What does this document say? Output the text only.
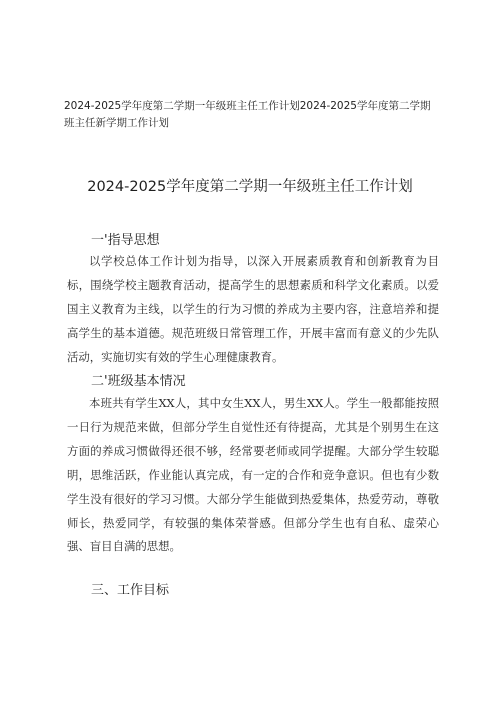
2024-2025学年度第二学期一年级班主任工作计划2024-2025学年度第二学期班主任新学期工作计划
2024-2025学年度第二学期一年级班主任工作计划
一'指导思想
以学校总体工作计划为指导，以深入开展素质教育和创新教育为目标，围绕学校主题教育活动，提高学生的思想素质和科学文化素质。以爱国主义教育为主线，以学生的行为习惯的养成为主要内容，注意培养和提高学生的基本道德。规范班级日常管理工作，开展丰富而有意义的少先队活动，实施切实有效的学生心理健康教育。
二'班级基本情况
本班共有学生XX人，其中女生XX人，男生XX人。学生一般都能按照一日行为规范来做，但部分学生自觉性还有待提高，尤其是个别男生在这方面的养成习惯做得还很不够，经常要老师或同学提醒。大部分学生较聪明，思维活跃，作业能认真完成，有一定的合作和竞争意识。但也有少数学生没有很好的学习习惯。大部分学生能做到热爱集体，热爱劳动，尊敬师长，热爱同学，有较强的集体荣誉感。但部分学生也有自私、虚荣心强、盲目自满的思想。
三、工作目标
